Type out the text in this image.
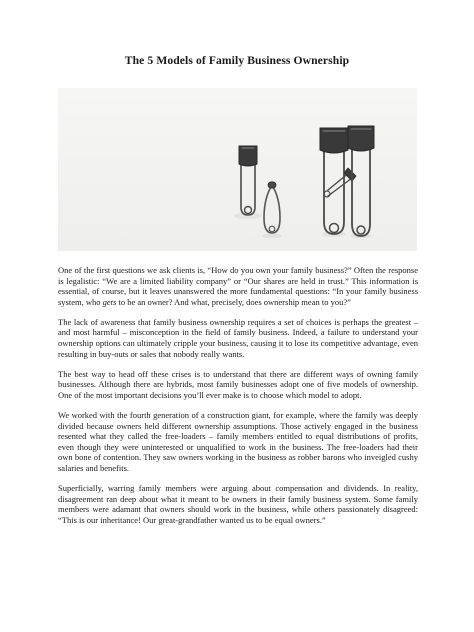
The 5 Models of Family Business Ownership

One of the first questions we ask clients is, “How do you own your family business?” Often the response is legalistic: “We are a limited liability company” or “Our shares are held in trust.” This information is essential, of course, but it leaves unanswered the more fundamental questions: “In your family business system, who gets to be an owner? And what, precisely, does ownership mean to you?”

The lack of awareness that family business ownership requires a set of choices is perhaps the greatest – and most harmful – misconception in the field of family business. Indeed, a failure to understand your ownership options can ultimately cripple your business, causing it to lose its competitive advantage, even resulting in buy-outs or sales that nobody really wants.

The best way to head off these crises is to understand that there are different ways of owning family businesses. Although there are hybrids, most family businesses adopt one of five models of ownership. One of the most important decisions you’ll ever make is to choose which model to adopt.

We worked with the fourth generation of a construction giant, for example, where the family was deeply divided because owners held different ownership assumptions. Those actively engaged in the business resented what they called the free-loaders – family members entitled to equal distributions of profits, even though they were uninterested or unqualified to work in the business. The free-loaders had their own bone of contention. They saw owners working in the business as robber barons who inveigled cushy salaries and benefits.

Superficially, warring family members were arguing about compensation and dividends. In reality, disagreement ran deep about what it meant to be owners in their family business system. Some family members were adamant that owners should work in the business, while others passionately disagreed: “This is our inheritance! Our great-grandfather wanted us to be equal owners.”
